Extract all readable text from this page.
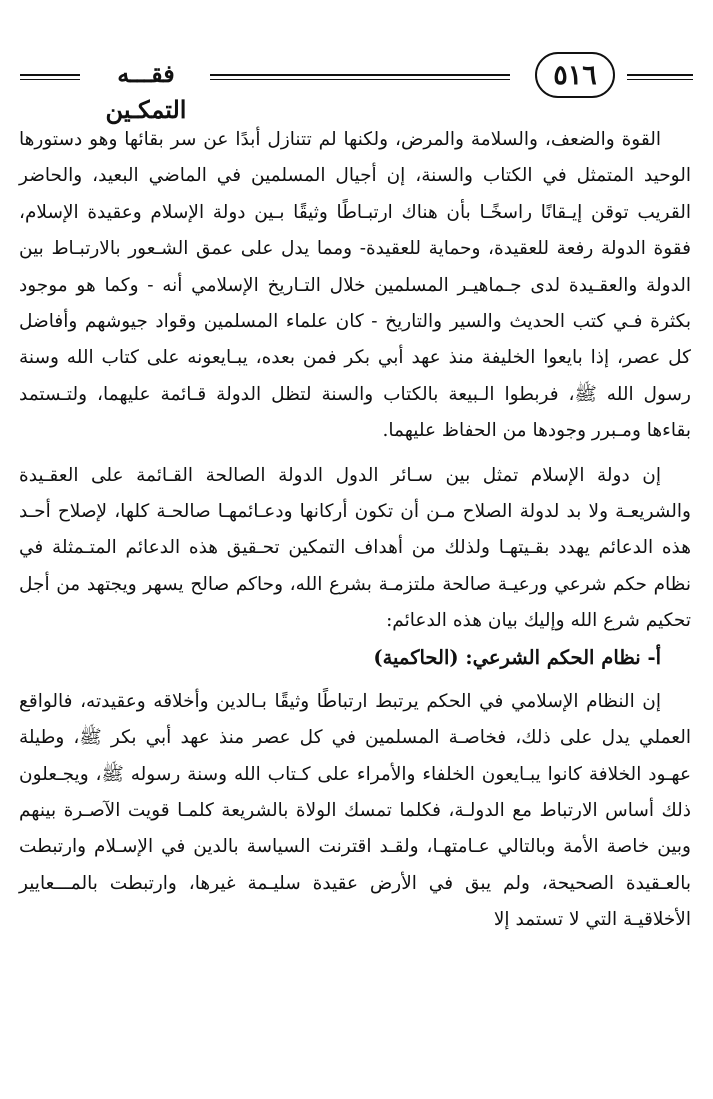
٥١٦
فقـــه التمكـين

القوة والضعف، والسلامة والمرض، ولكنها لم تتنازل أبدًا عن سر بقائها وهو دستورها الوحيد المتمثل في الكتاب والسنة، إن أجيال المسلمين في الماضي البعيد، والحاضر القريب توقن إيـقانًا راسخًـا بأن هناك ارتبـاطًا وثيقًا بـين دولة الإسلام وعقيدة الإسلام، فقوة الدولة رفعة للعقيدة، وحماية للعقيدة- ومما يدل على عمق الشـعور بالارتبـاط بين الدولة والعقـيدة لدى جـماهيـر المسلمين خلال التـاريخ الإسلامي أنه - وكما هو موجود بكثرة فـي كتب الحديث والسير والتاريخ - كان علماء المسلمين وقواد جيوشهم وأفاضل كل عصر، إذا بايعوا الخليفة منذ عهد أبي بكر فمن بعده، يبـايعونه على كتاب الله وسنة رسول الله ﷺ، فربطوا الـبيعة بالكتاب والسنة لتظل الدولة قـائمة عليهما، ولتـستمد بقاءها ومـبرر وجودها من الحفاظ عليهما.

إن دولة الإسلام تمثل بين سـائر الدول الدولة الصالحة القـائمة على العقـيدة والشريعـة ولا بد لدولة الصلاح مـن أن تكون أركانها ودعـائمهـا صالحـة كلها، لإصلاح أحـد هذه الدعائم يهدد بقـيتهـا ولذلك من أهداف التمكين تحـقيق هذه الدعائم المتـمثلة في نظام حكم شرعي ورعيـة صالحة ملتزمـة بشرع الله، وحاكم صالح يسهر ويجتهد من أجل تحكيم شرع الله وإليك بيان هذه الدعائم:

أ- نظام الحكم الشرعي: (الحاكمية)

إن النظام الإسلامي في الحكم يرتبط ارتباطًا وثيقًا بـالدين وأخلاقه وعقيدته، فالواقع العملي يدل على ذلك، فخاصـة المسلمين في كل عصر منذ عهد أبي بكر ﷺ، وطيلة عهـود الخلافة كانوا يبـايعون الخلفاء والأمراء على كـتاب الله وسنة رسوله ﷺ، ويجـعلون ذلك أساس الارتباط مع الدولـة، فكلما تمسك الولاة بالشريعة كلمـا قويت الآصـرة بينهم وبين خاصة الأمة وبالتالي عـامتهـا، ولقـد اقترنت السياسة بالدين في الإسـلام وارتبطت بالعـقيدة الصحيحة، ولم يبق في الأرض عقيدة سليـمة غيرها، وارتبطت بالمـــعايير الأخلاقيـة التي لا تستمد إلا
